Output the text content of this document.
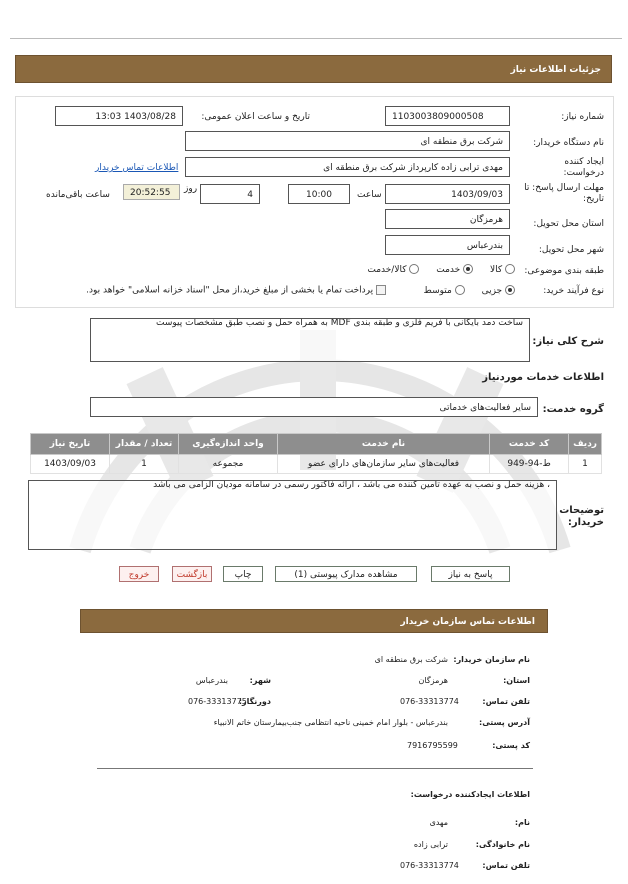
جزئیات اطلاعات نیاز
شماره نیاز:
1103003809000508
تاریخ و ساعت اعلان عمومی:
1403/08/28 13:03
نام دستگاه خریدار:
شرکت برق منطقه ای
ایجاد کننده درخواست:
مهدی ترابی زاده کارپرداز شرکت برق منطقه ای
اطلاعات تماس خریدار
مهلت ارسال پاسخ: تا تاریخ:
1403/09/03
ساعت
10:00
4
روز
20:52:55
ساعت باقی‌مانده
استان محل تحویل:
هرمزگان
شهر محل تحویل:
بندرعباس
طبقه بندی موضوعی:
کالا  خدمت  کالا/خدمت
نوع فرآیند خرید:
جزیی  متوسط
پرداخت تمام یا بخشی از مبلغ خرید،از محل "اسناد خزانه اسلامی" خواهد بود.
شرح کلی نیاز:
ساخت دمد بایگانی با فریم فلزی و طبقه بندی MDF به همراه حمل و نصب طبق مشخصات پیوست
اطلاعات خدمات موردنیاز
گروه خدمت:
سایر فعالیت‌های خدماتی
ردیف	کد خدمت	نام خدمت	واحد اندازه‌گیری	تعداد / مقدار	تاریخ نیاز
1	ط-94-949	فعالیت‌های سایر سازمان‌های دارای عضو	مجموعه	1	1403/09/03
توضیحات خریدار:
، هزینه حمل و نصب به عهده تامین کننده می باشد ، ارائه فاکتور رسمی در سامانه مودیان الزامی می باشد
پاسخ به نیاز
مشاهده مدارک پیوستی (1)
چاپ
بازگشت
خروج
اطلاعات تماس سازمان خریدار
نام سازمان خریدار:
شرکت برق منطقه ای
استان:
هرمزگان
شهر:
بندرعباس
تلفن تماس:
076-33313774
دورنگار:
076-33313775
آدرس پستی:
بندرعباس - بلوار امام خمینی ناحیه انتظامی جنب‌بیمارستان خاتم الانبیاء
کد پستی:
7916795599
اطلاعات ایجادکننده درخواست:
نام:
مهدی
نام خانوادگی:
ترابی زاده
تلفن تماس:
076-33313774
